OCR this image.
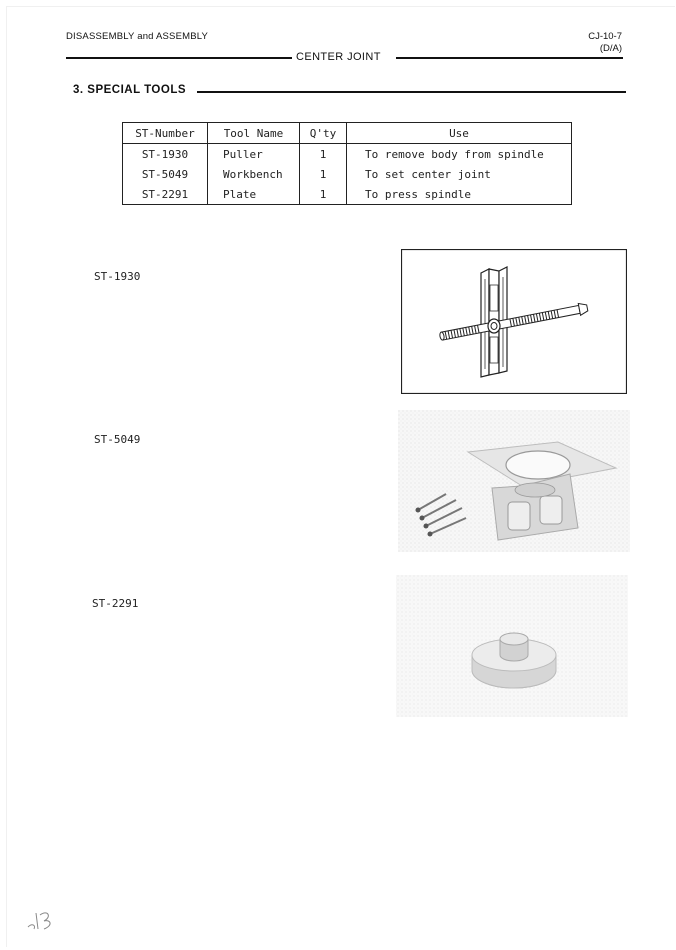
DISASSEMBLY and ASSEMBLY	CJ-10-7
(D/A)
CENTER JOINT
3. SPECIAL TOOLS
ST-Number	Tool Name	Q'ty	Use
ST-1930	Puller	1	To remove body from spindle
ST-5049	Workbench	1	To set center joint
ST-2291	Plate	1	To press spindle
ST-1930
ST-5049
ST-2291
